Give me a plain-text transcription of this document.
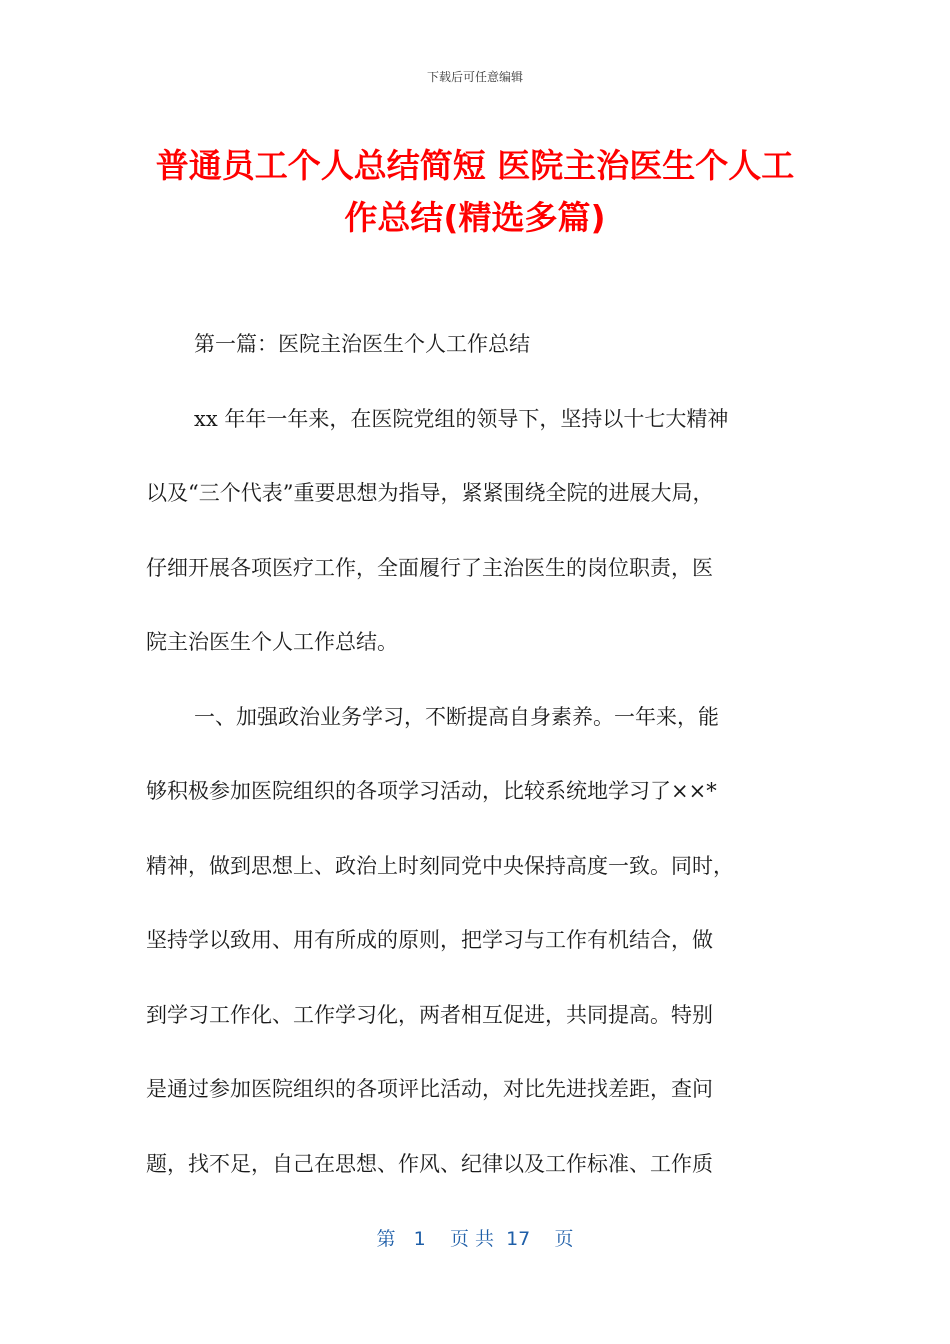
下载后可任意编辑
普通员工个人总结简短 医院主治医生个人工
作总结(精选多篇)
第一篇：医院主治医生个人工作总结
xx 年年一年来，在医院党组的领导下，坚持以十七大精神
以及“三个代表”重要思想为指导，紧紧围绕全院的进展大局，
仔细开展各项医疗工作，全面履行了主治医生的岗位职责，医
院主治医生个人工作总结。
一、加强政治业务学习，不断提高自身素养。一年来，能
够积极参加医院组织的各项学习活动，比较系统地学习了××*
精神，做到思想上、政治上时刻同党中央保持高度一致。同时，
坚持学以致用、用有所成的原则，把学习与工作有机结合，做
到学习工作化、工作学习化，两者相互促进，共同提高。特别
是通过参加医院组织的各项评比活动，对比先进找差距，查问
题，找不足，自己在思想、作风、纪律以及工作标准、工作质
第 1 页 共 17 页
